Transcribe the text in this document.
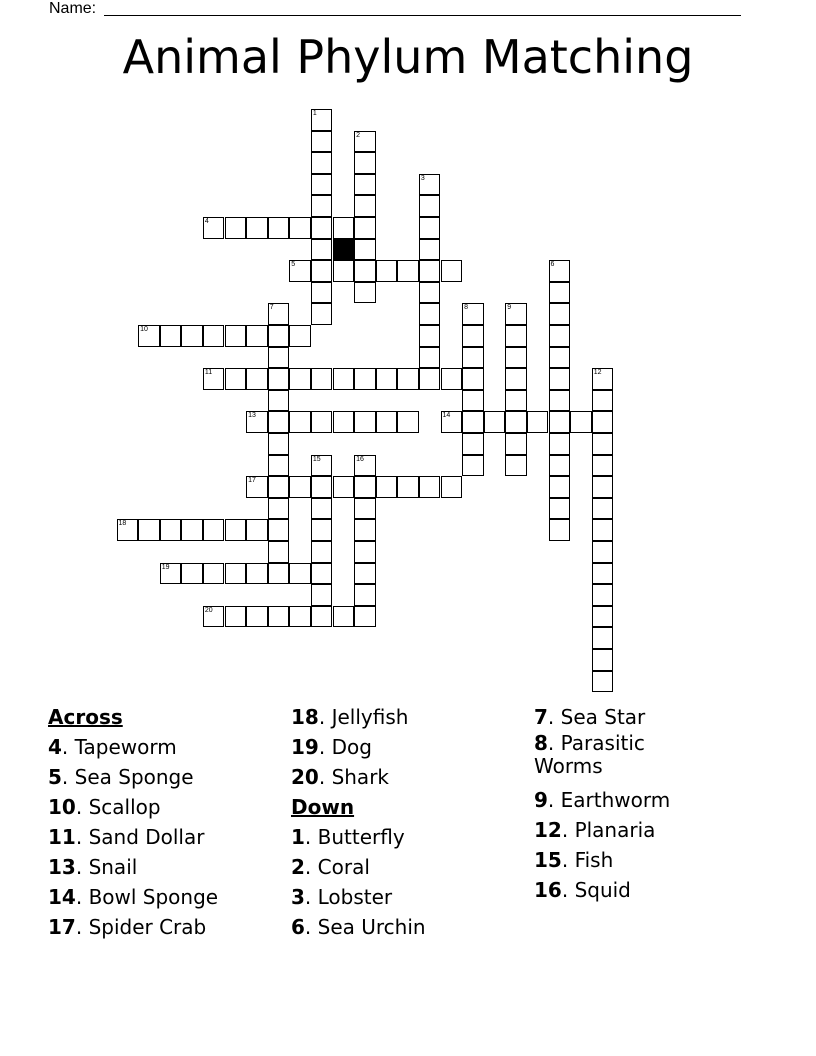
Name:
Animal Phylum Matching
1
2
3
4
5	6
7	8	9
10
11	12
13	14
15	16
17
18
19
20
Across
4. Tapeworm
5. Sea Sponge
10. Scallop
11. Sand Dollar
13. Snail
14. Bowl Sponge
17. Spider Crab
18. Jellyfish
19. Dog
20. Shark
Down
1. Butterfly
2. Coral
3. Lobster
6. Sea Urchin
7. Sea Star
8. Parasitic Worms
9. Earthworm
12. Planaria
15. Fish
16. Squid
